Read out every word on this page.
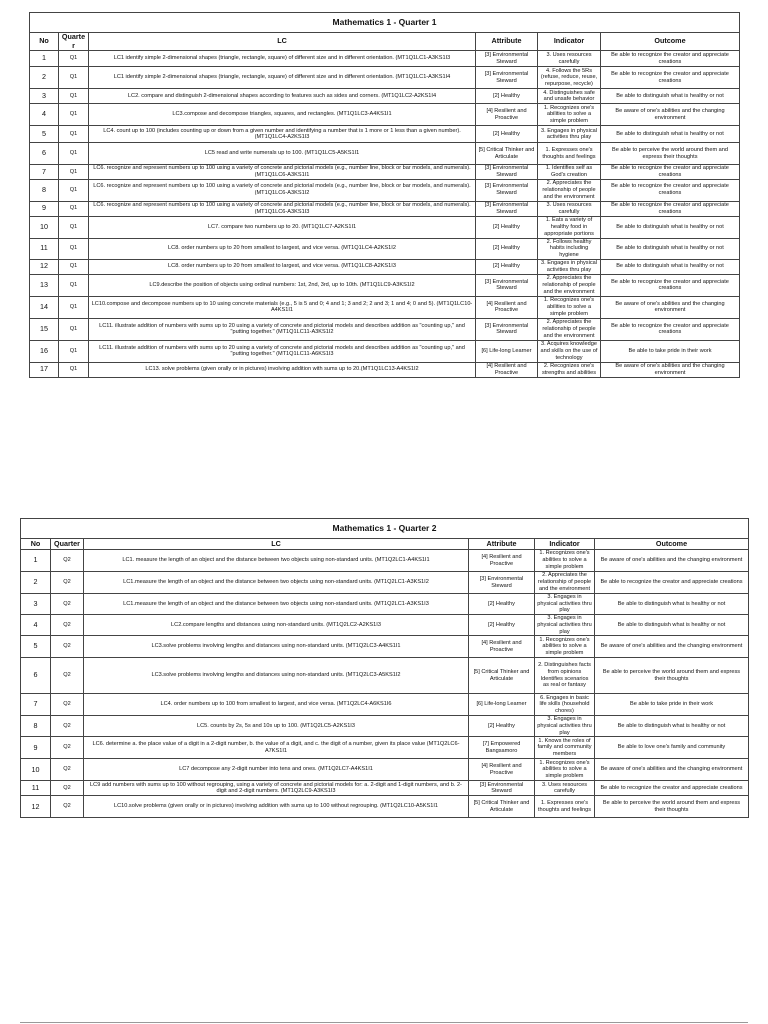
Mathematics 1 - Quarter 1					
No	Quarter	LC	Attribute	Indicator	Outcome
1	Q1	LC1 identify simple 2-dimensional shapes (triangle, rectangle, square) of different size and in different orientation. (MT1Q1LC1-A3KS1I3	[3] Environmental Steward	3. Uses resources carefully	Be able to recognize the creator and appreciate creations
2	Q1	LC1 identify simple 2-dimensional shapes (triangle, rectangle, square) of different size and in different orientation. (MT1Q1LC1-A3KS1I4	[3] Environmental Steward	4. Follows the 5Rs (refuse, reduce, reuse, repurpose, recycle)	Be able to recognize the creator and appreciate creations
3	Q1	LC2. compare and distinguish 2-dimensional shapes according to features such as sides and corners. (MT1Q1LC2-A2KS1I4	[2] Healthy	4. Distinguishes safe and unsafe behavior	Be able to distinguish what is healthy or not
4	Q1	LC3.compose and decompose triangles, squares, and rectangles. (MT1Q1LC3-A4KS1I1	[4] Resilient and Proactive	1. Recognizes one's abilities to solve a simple problem	Be aware of one's abilities and the changing environment
5	Q1	LC4. count up to 100 (includes counting up or down from a given number and identifying a number that is 1 more or 1 less than a given number). (MT1Q1LC4-A2KS1I3	[2] Healthy	3. Engages in physical activities thru play	Be able to distinguish what is healthy or not
6	Q1	LC5 read and write numerals up to 100. (MT1Q1LC5-A5KS1I1	[5] Critical Thinker and Articulate	1. Expresses one's thoughts and feelings	Be able to perceive the world around them and express their thoughts
7	Q1	LC6. recognize and represent numbers up to 100 using a variety of concrete and pictorial models (e.g., number line, block or bar models, and numerals). (MT1Q1LC6-A3KS1I1	[3] Environmental Steward	1. Identifies self as God's creation	Be able to recognize the creator and appreciate creations
8	Q1	LC6. recognize and represent numbers up to 100 using a variety of concrete and pictorial models (e.g., number line, block or bar models, and numerals). (MT1Q1LC6-A3KS1I2	[3] Environmental Steward	2. Appreciates the relationship of people and the environment	Be able to recognize the creator and appreciate creations
9	Q1	LC6. recognize and represent numbers up to 100 using a variety of concrete and pictorial models (e.g., number line, block or bar models, and numerals). (MT1Q1LC6-A3KS1I3	[3] Environmental Steward	3. Uses resources carefully	Be able to recognize the creator and appreciate creations
10	Q1	LC7. compare two numbers up to 20. (MT1Q1LC7-A2KS1I1	[2] Healthy	1. Eats a variety of healthy food in appropriate portions	Be able to distinguish what is healthy or not
11	Q1	LC8. order numbers up to 20 from smallest to largest, and vice versa. (MT1Q1LC4-A2KS1I2	[2] Healthy	2. Follows healthy habits including hygiene	Be able to distinguish what is healthy or not
12	Q1	LC8. order numbers up to 20 from smallest to largest, and vice versa. (MT1Q1LC8-A2KS1I3	[2] Healthy	3. Engages in physical activities thru play	Be able to distinguish what is healthy or not
13	Q1	LC9.describe the position of objects using ordinal numbers: 1st, 2nd, 3rd, up to 10th. (MT1Q1LC9-A3KS1I2	[3] Environmental Steward	2. Appreciates the relationship of people and the environment	Be able to recognize the creator and appreciate creations
14	Q1	LC10.compose and decompose numbers up to 10 using concrete materials (e.g., 5 is 5 and 0; 4 and 1; 3 and 2; 2 and 3; 1 and 4; 0 and 5). (MT1Q1LC10-A4KS1I1	[4] Resilient and Proactive	1. Recognizes one's abilities to solve a simple problem	Be aware of one's abilities and the changing environment
15	Q1	LC11. illustrate addition of numbers with sums up to 20 using a variety of concrete and pictorial models and describes addition as "counting up," and "putting together." (MT1Q1LC11-A3KS1I2	[3] Environmental Steward	2. Appreciates the relationship of people and the environment	Be able to recognize the creator and appreciate creations
16	Q1	LC11. illustrate addition of numbers with sums up to 20 using a variety of concrete and pictorial models and describes addition as "counting up," and "putting together." (MT1Q1LC11-A6KS1I3	[6] Life-long Learner	3. Acquires knowledge and skills on the use of technology	Be able to take pride in their work
17	Q1	LC13. solve problems (given orally or in pictures) involving addition with sums up to 20.(MT1Q1LC13-A4KS1I2	[4] Resilient and Proactive	2. Recognizes one's strengths and abilities	Be aware of one's abilities and the changing environment
Mathematics 1 - Quarter 2					
No	Quarter	LC	Attribute	Indicator	Outcome
1	Q2	LC1. measure the length of an object and the distance between two objects using non-standard units. (MT1Q2LC1-A4KS1I1	[4] Resilient and Proactive	1. Recognizes one's abilities to solve a simple problem	Be aware of one's abilities and the changing environment
2	Q2	LC1.measure the length of an object and the distance between two objects using non-standard units. (MT1Q2LC1-A3KS1I2	[3] Environmental Steward	2. Appreciates the relationship of people and the environment	Be able to recognize the creator and appreciate creations
3	Q2	LC1.measure the length of an object and the distance between two objects using non-standard units. (MT1Q2LC1-A3KS1I3	[2] Healthy	3. Engages in physical activities thru play	Be able to distinguish what is healthy or not
4	Q2	LC2.compare lengths and distances using non-standard units. (MT1Q2LC2-A2KS1I3	[2] Healthy	3. Engages in physical activities thru play	Be able to distinguish what is healthy or not
5	Q2	LC3.solve problems involving lengths and distances using non-standard units. (MT1Q2LC3-A4KS1I1	[4] Resilient and Proactive	1. Recognizes one's abilities to solve a simple problem	Be aware of one's abilities and the changing environment
6	Q2	LC3.solve problems involving lengths and distances using non-standard units. (MT1Q2LC3-A5KS1I2	[5] Critical Thinker and Articulate	2. Distinguishes facts from opinions Identifies scenarios as real or fantasy	Be able to perceive the world around them and express their thoughts
7	Q2	LC4. order numbers up to 100 from smallest to largest, and vice versa. (MT1Q2LC4-A6KS1I6	[6] Life-long Learner	6. Engages in basic life skills (household chores)	Be able to take pride in their work
8	Q2	LC5. counts by 2s, 5s and 10s up to 100. (MT1Q2LC5-A2KS1I3	[2] Healthy	3. Engages in physical activities thru play	Be able to distinguish what is healthy or not
9	Q2	LC6. determine a. the place value of a digit in a 2-digit number, b. the value of a digit, and c. the digit of a number, given its place value (MT1Q2LC6-A7KS1I1	[7] Empowered Bangsamoro	1. Knows the roles of family and community members	Be able to love one's family and community
10	Q2	LC7 decompose any 2-digit number into tens and ones. (MT1Q2LC7-A4KS1I1	[4] Resilient and Proactive	1. Recognizes one's abilities to solve a simple problem	Be aware of one's abilities and the changing environment
11	Q2	LC9 add numbers with sums up to 100 without regrouping, using a variety of concrete and pictorial models for: a. 2-digit and 1-digit numbers, and b. 2-digit and 2-digit numbers. (MT1Q2LC9-A3KS1I3	[3] Environmental Steward	3. Uses resources carefully	Be able to recognize the creator and appreciate creations
12	Q2	LC10.solve problems (given orally or in pictures) involving addition with sums up to 100 without regrouping. (MT1Q2LC10-A5KS1I1	[5] Critical Thinker and Articulate	1. Expresses one's thoughts and feelings	Be able to perceive the world around them and express their thoughts
